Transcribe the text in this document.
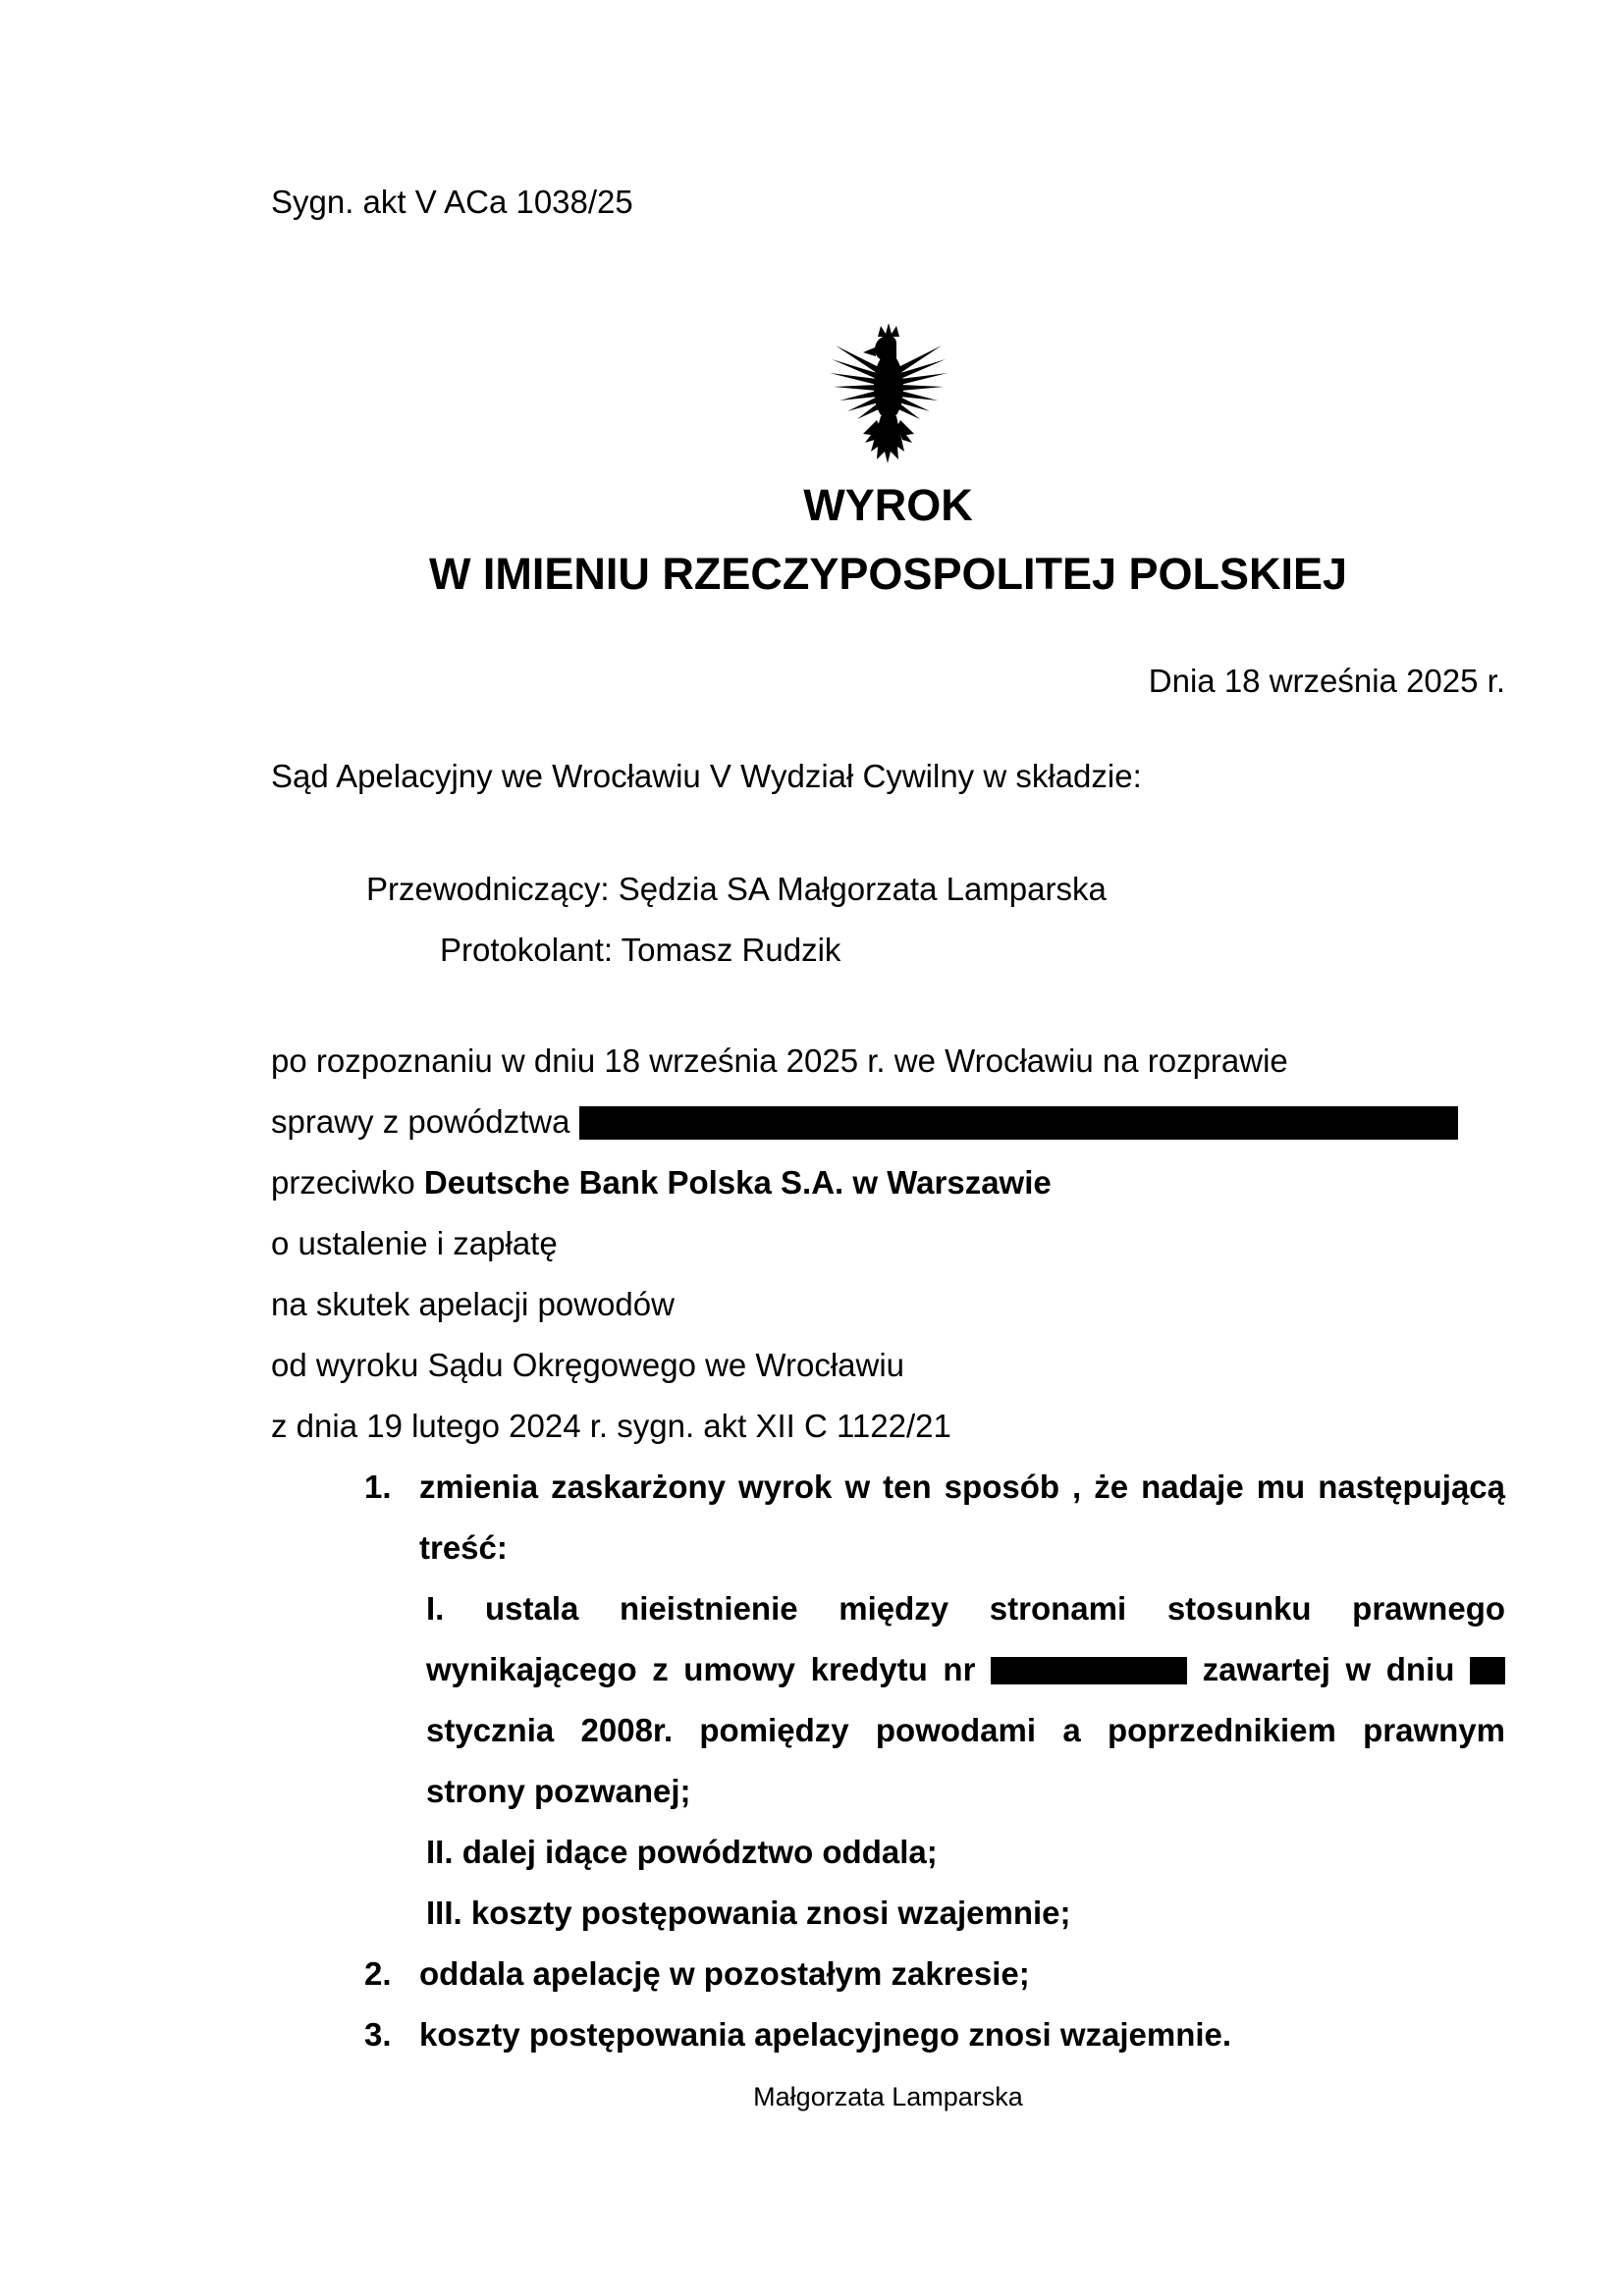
Sygn. akt V ACa 1038/25
WYROK
W IMIENIU RZECZYPOSPOLITEJ POLSKIEJ
Dnia 18 września 2025 r.
Sąd Apelacyjny we Wrocławiu V Wydział Cywilny w składzie:
Przewodniczący: Sędzia SA Małgorzata Lamparska
Protokolant: Tomasz Rudzik
po rozpoznaniu w dniu 18 września 2025 r. we Wrocławiu na rozprawie
sprawy z powództwa
przeciwko Deutsche Bank Polska S.A. w Warszawie
o ustalenie i zapłatę
na skutek apelacji powodów
od wyroku Sądu Okręgowego we Wrocławiu
z dnia 19 lutego 2024 r. sygn. akt XII C 1122/21
1. zmienia zaskarżony wyrok w ten sposób , że nadaje mu następującą
treść:
I. ustala nieistnienie między stronami stosunku prawnego
wynikającego z umowy kredytu nr	zawartej w dniu
stycznia 2008r. pomiędzy powodami a poprzednikiem prawnym
strony pozwanej;
II. dalej idące powództwo oddala;
III. koszty postępowania znosi wzajemnie;
2. oddala apelację w pozostałym zakresie;
3. koszty postępowania apelacyjnego znosi wzajemnie.
Małgorzata Lamparska
